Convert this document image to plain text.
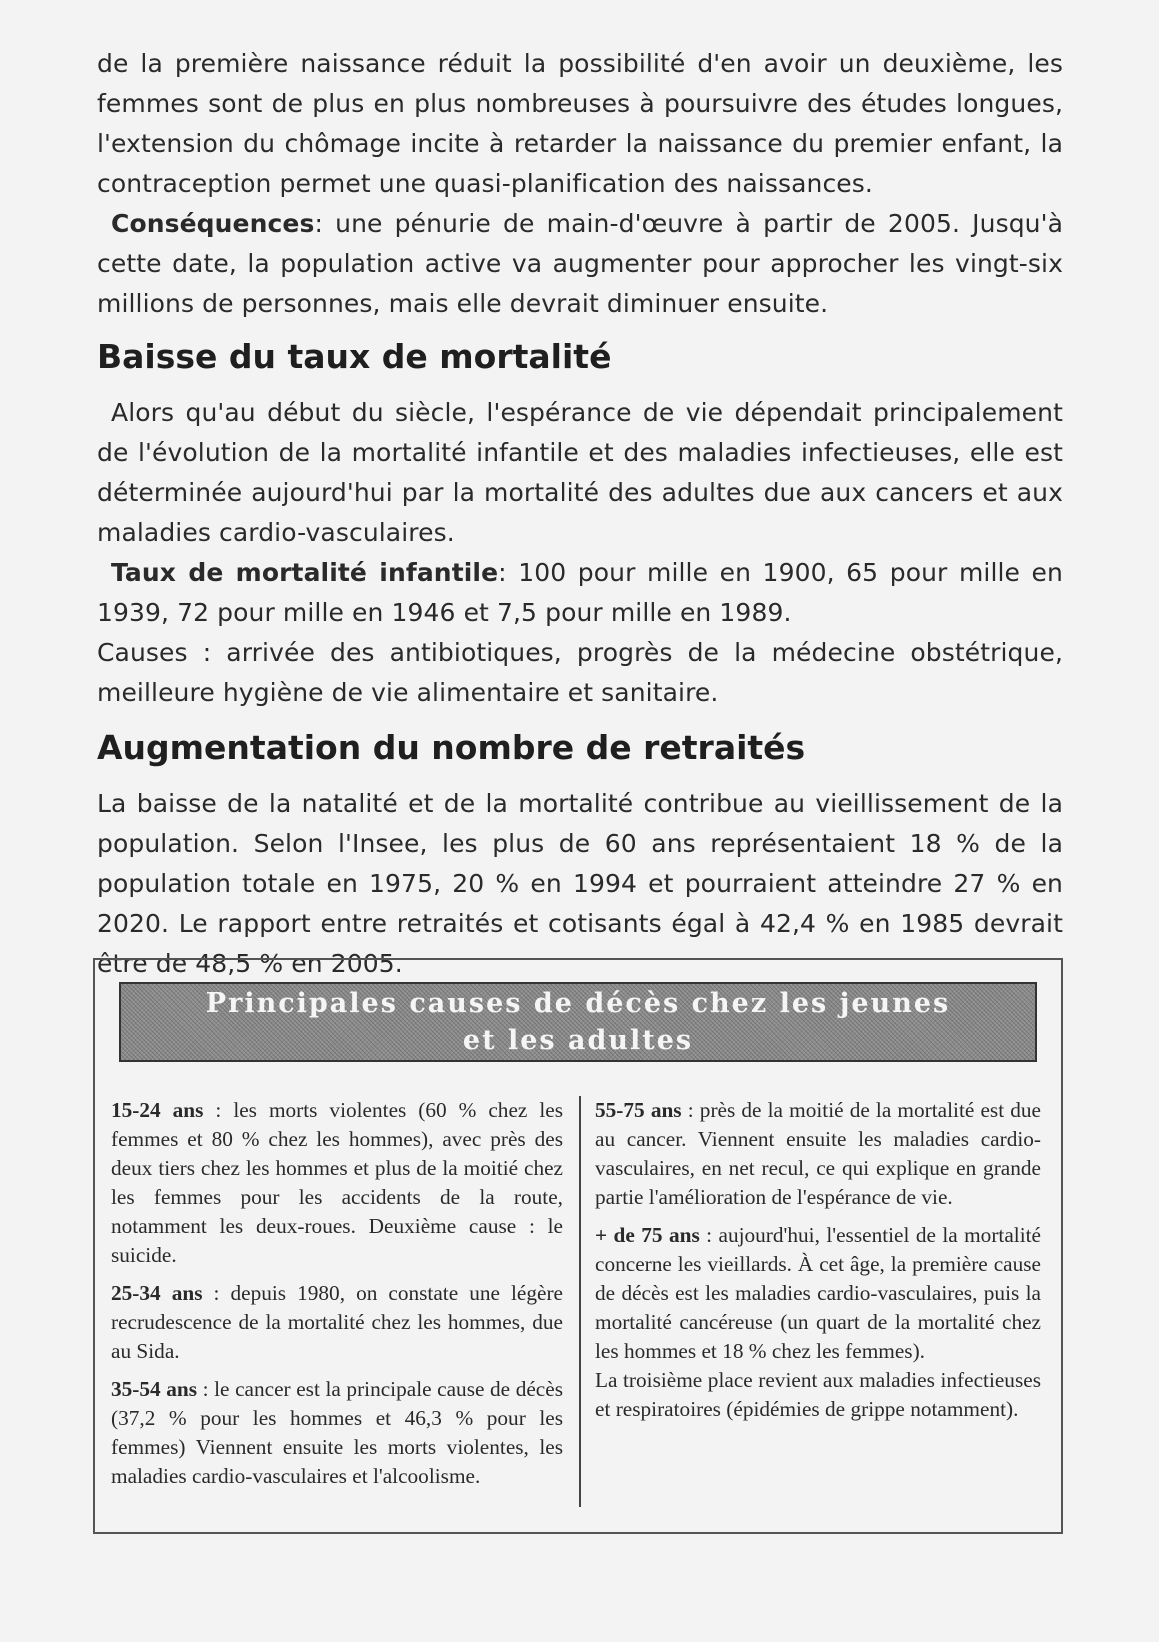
de la première naissance réduit la possibilité d'en avoir un deuxième, les femmes sont de plus en plus nombreuses à poursuivre des études longues, l'extension du chômage incite à retarder la naissance du premier enfant, la contraception permet une quasi-planification des naissances.

Conséquences: une pénurie de main-d'œuvre à partir de 2005. Jusqu'à cette date, la population active va augmenter pour approcher les vingt-six millions de personnes, mais elle devrait diminuer ensuite.

Baisse du taux de mortalité

Alors qu'au début du siècle, l'espérance de vie dépendait principalement de l'évolution de la mortalité infantile et des maladies infectieuses, elle est déterminée aujourd'hui par la mortalité des adultes due aux cancers et aux maladies cardio-vasculaires.

Taux de mortalité infantile: 100 pour mille en 1900, 65 pour mille en 1939, 72 pour mille en 1946 et 7,5 pour mille en 1989.

Causes : arrivée des antibiotiques, progrès de la médecine obstétrique, meilleure hygiène de vie alimentaire et sanitaire.

Augmentation du nombre de retraités

La baisse de la natalité et de la mortalité contribue au vieillissement de la population. Selon l'Insee, les plus de 60 ans représentaient 18 % de la population totale en 1975, 20 % en 1994 et pourraient atteindre 27 % en 2020. Le rapport entre retraités et cotisants égal à 42,4 % en 1985 devrait être de 48,5 % en 2005.

Principales causes de décès chez les jeunes et les adultes

15-24 ans : les morts violentes (60 % chez les femmes et 80 % chez les hommes), avec près des deux tiers chez les hommes et plus de la moitié chez les femmes pour les accidents de la route, notamment les deux-roues. Deuxième cause : le suicide.

25-34 ans : depuis 1980, on constate une légère recrudescence de la mortalité chez les hommes, due au Sida.

35-54 ans : le cancer est la principale cause de décès (37,2 % pour les hommes et 46,3 % pour les femmes) Viennent ensuite les morts violentes, les maladies cardio-vasculaires et l'alcoolisme.

55-75 ans : près de la moitié de la mortalité est due au cancer. Viennent ensuite les maladies cardio-vasculaires, en net recul, ce qui explique en grande partie l'amélioration de l'espérance de vie.

+ de 75 ans : aujourd'hui, l'essentiel de la mortalité concerne les vieillards. À cet âge, la première cause de décès est les maladies cardio-vasculaires, puis la mortalité cancéreuse (un quart de la mortalité chez les hommes et 18 % chez les femmes).

La troisième place revient aux maladies infectieuses et respiratoires (épidémies de grippe notamment).
